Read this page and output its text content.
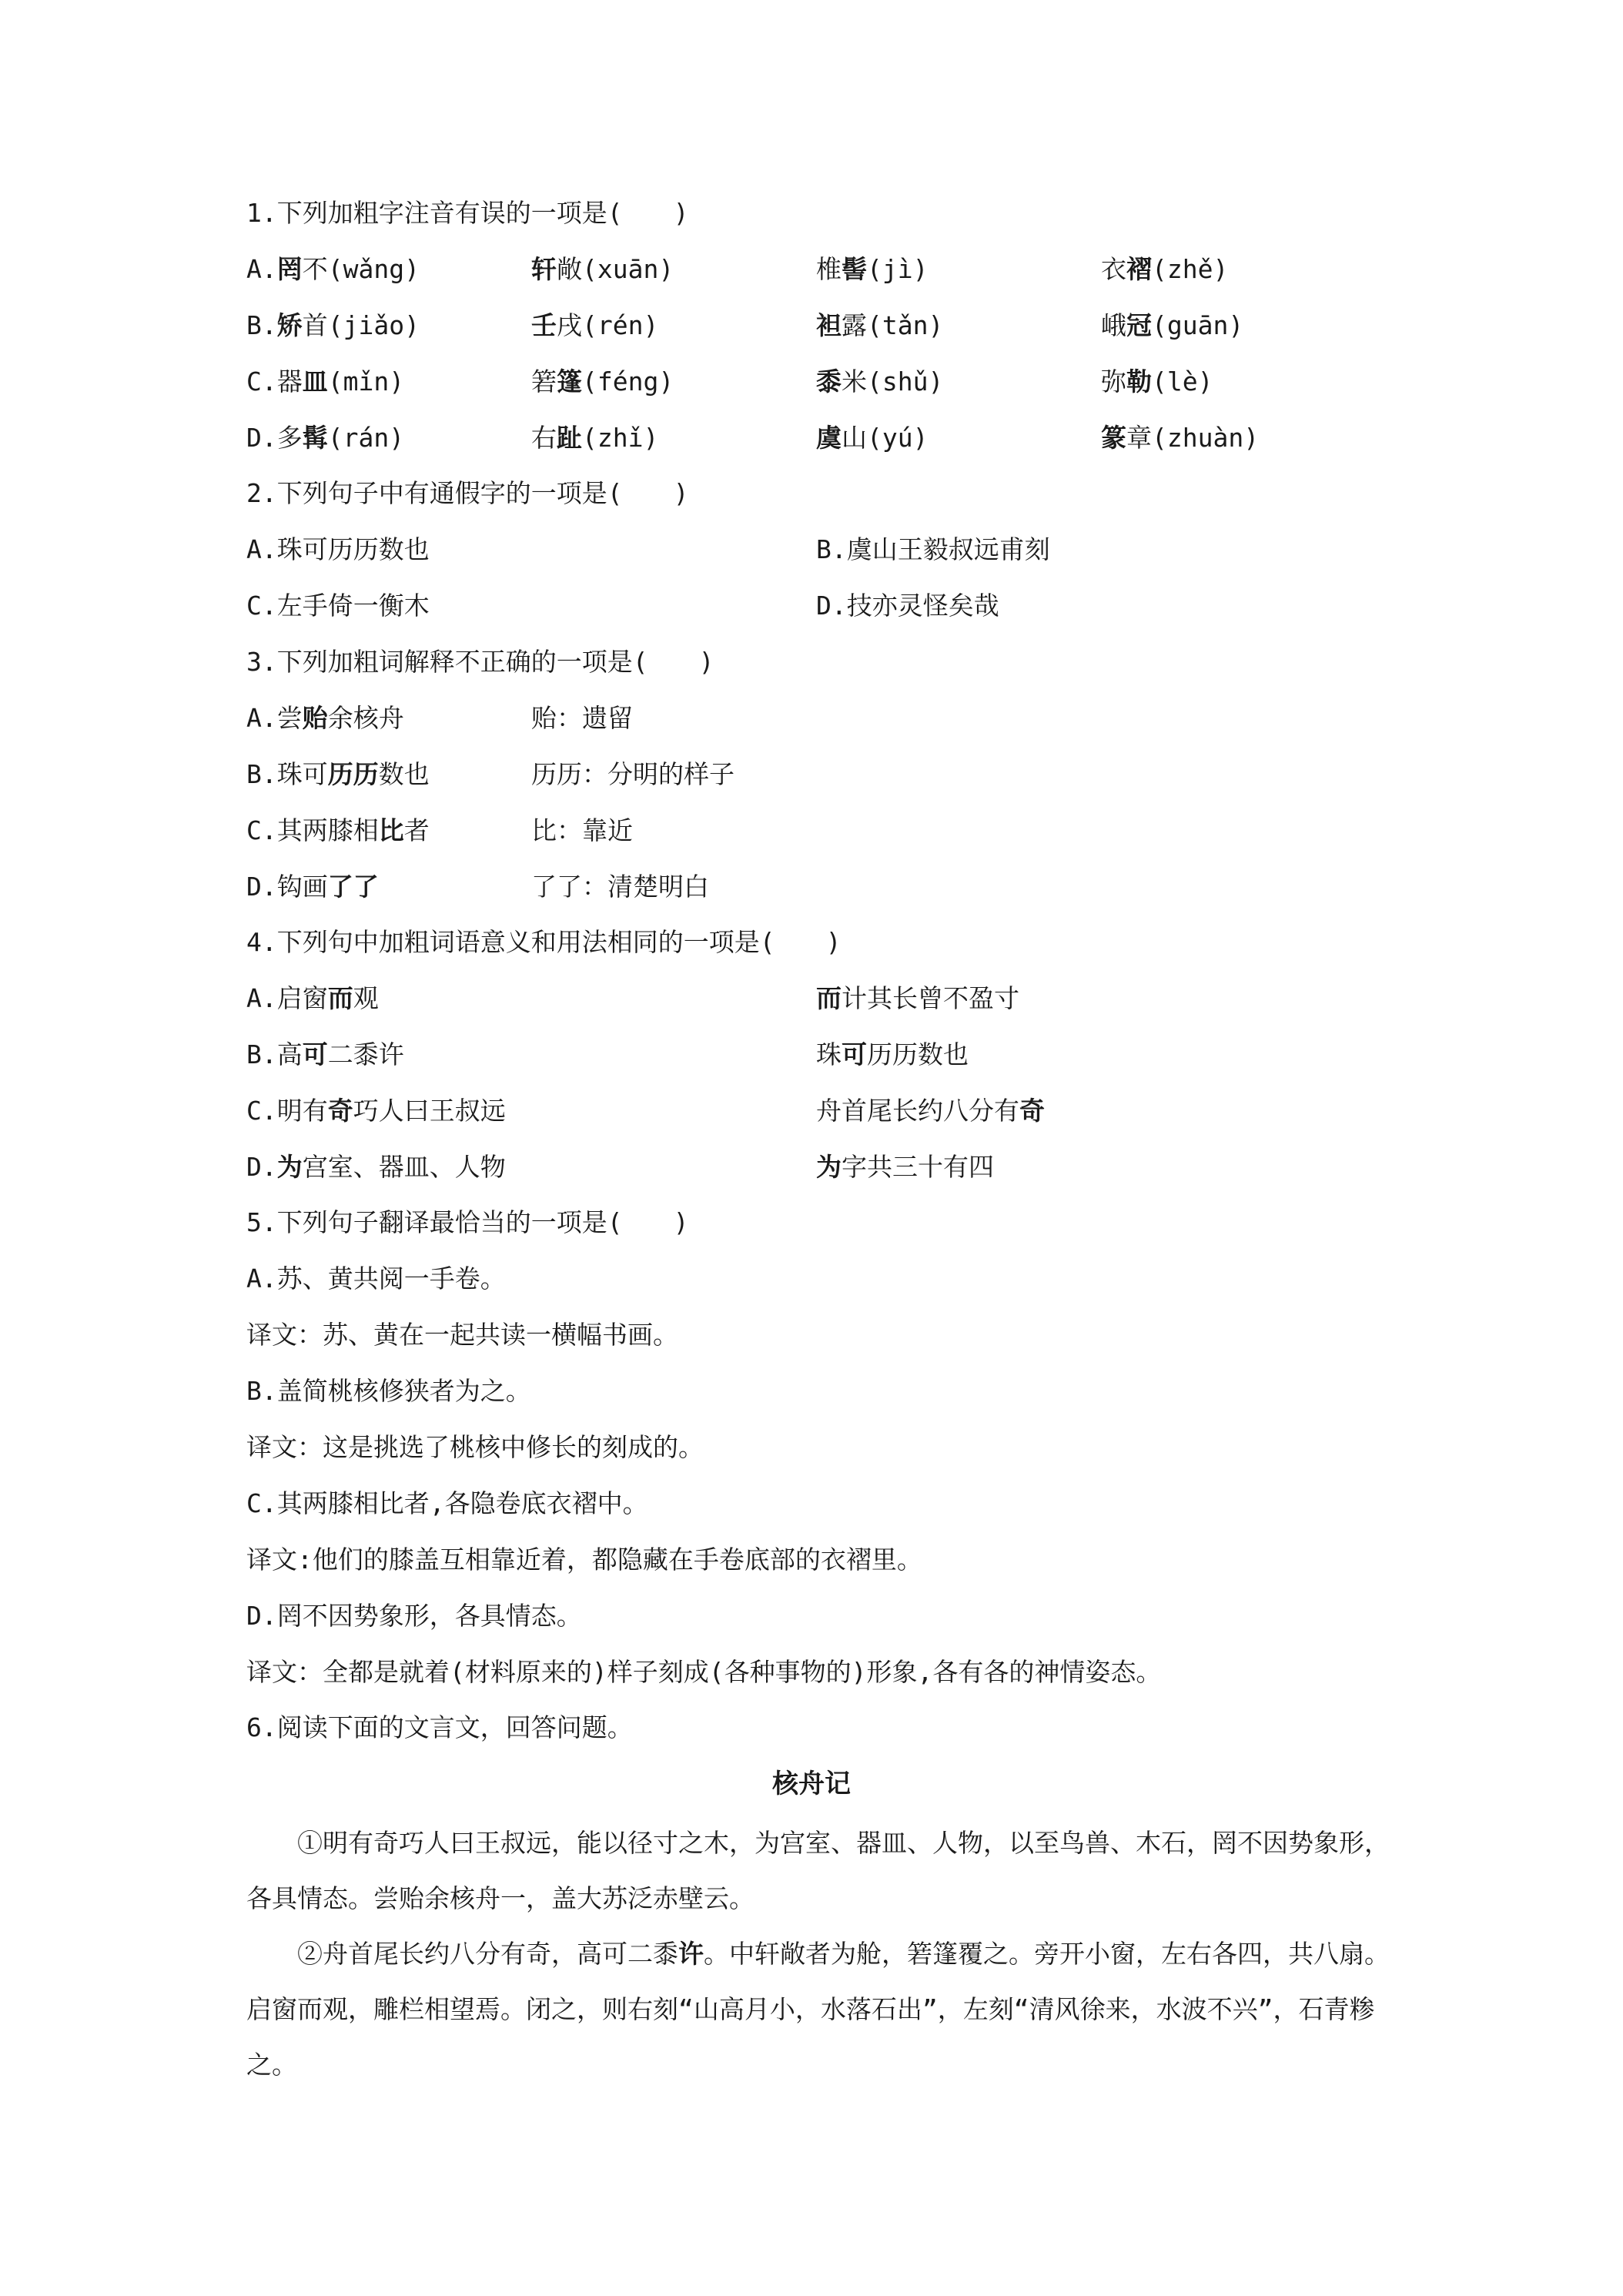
1.下列加粗字注音有误的一项是(　　)
A.罔不(wǎng)	轩敞(xuān)	椎髻(jì)	衣褶(zhě)
B.矫首(jiǎo)	壬戌(rén)	袒露(tǎn)	峨冠(guān)
C.器皿(mǐn)	箬篷(féng)	黍米(shǔ)	弥勒(lè)
D.多髯(rán)	右趾(zhǐ)	虞山(yú)	篆章(zhuàn)
2.下列句子中有通假字的一项是(　　)
A.珠可历历数也	B.虞山王毅叔远甫刻
C.左手倚一衡木	D.技亦灵怪矣哉
3.下列加粗词解释不正确的一项是(　　)
A.尝贻余核舟	贻：遗留
B.珠可历历数也	历历：分明的样子
C.其两膝相比者	比：靠近
D.钩画了了	了了：清楚明白
4.下列句中加粗词语意义和用法相同的一项是(　　)
A.启窗而观	而计其长曾不盈寸
B.高可二黍许	珠可历历数也
C.明有奇巧人曰王叔远	舟首尾长约八分有奇
D.为宫室、器皿、人物	为字共三十有四
5.下列句子翻译最恰当的一项是(　　)
A.苏、黄共阅一手卷。
译文：苏、黄在一起共读一横幅书画。
B.盖简桃核修狭者为之。
译文：这是挑选了桃核中修长的刻成的。
C.其两膝相比者,各隐卷底衣褶中。
译文:他们的膝盖互相靠近着，都隐藏在手卷底部的衣褶里。
D.罔不因势象形，各具情态。
译文：全都是就着(材料原来的)样子刻成(各种事物的)形象,各有各的神情姿态。
6.阅读下面的文言文，回答问题。
核舟记
①明有奇巧人曰王叔远，能以径寸之木，为宫室、器皿、人物，以至鸟兽、木石，罔不因势象形，各具情态。尝贻余核舟一，盖大苏泛赤壁云。
②舟首尾长约八分有奇，高可二黍许。中轩敞者为舱，箬篷覆之。旁开小窗，左右各四，共八扇。启窗而观，雕栏相望焉。闭之，则右刻“山高月小，水落石出”，左刻“清风徐来，水波不兴”，石青糁之。
